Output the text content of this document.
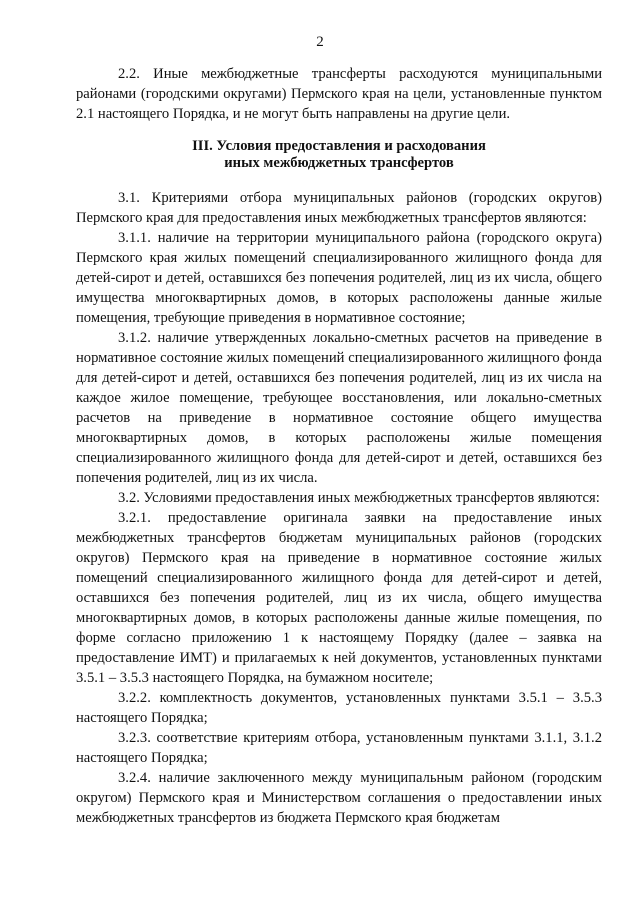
2

2.2. Иные межбюджетные трансферты расходуются муниципальными районами (городскими округами) Пермского края на цели, установленные пунктом 2.1 настоящего Порядка, и не могут быть направлены на другие цели.

III. Условия предоставления и расходования
иных межбюджетных трансфертов

3.1. Критериями отбора муниципальных районов (городских округов) Пермского края для предоставления иных межбюджетных трансфертов являются:

3.1.1. наличие на территории муниципального района (городского округа) Пермского края жилых помещений специализированного жилищного фонда для детей-сирот и детей, оставшихся без попечения родителей, лиц из их числа, общего имущества многоквартирных домов, в которых расположены данные жилые помещения, требующие приведения в нормативное состояние;

3.1.2. наличие утвержденных локально-сметных расчетов на приведение в нормативное состояние жилых помещений специализированного жилищного фонда для детей-сирот и детей, оставшихся без попечения родителей, лиц из их числа на каждое жилое помещение, требующее восстановления, или локально-сметных расчетов на приведение в нормативное состояние общего имущества многоквартирных домов, в которых расположены жилые помещения специализированного жилищного фонда для детей-сирот и детей, оставшихся без попечения родителей, лиц из их числа.

3.2. Условиями предоставления иных межбюджетных трансфертов являются:

3.2.1. предоставление оригинала заявки на предоставление иных межбюджетных трансфертов бюджетам муниципальных районов (городских округов) Пермского края на приведение в нормативное состояние жилых помещений специализированного жилищного фонда для детей-сирот и детей, оставшихся без попечения родителей, лиц из их числа, общего имущества многоквартирных домов, в которых расположены данные жилые помещения, по форме согласно приложению 1 к настоящему Порядку (далее – заявка на предоставление ИМТ) и прилагаемых к ней документов, установленных пунктами 3.5.1 – 3.5.3 настоящего Порядка, на бумажном носителе;

3.2.2. комплектность документов, установленных пунктами 3.5.1 – 3.5.3 настоящего Порядка;

3.2.3. соответствие критериям отбора, установленным пунктами 3.1.1, 3.1.2 настоящего Порядка;

3.2.4. наличие заключенного между муниципальным районом (городским округом) Пермского края и Министерством соглашения о предоставлении иных межбюджетных трансфертов из бюджета Пермского края бюджетам
